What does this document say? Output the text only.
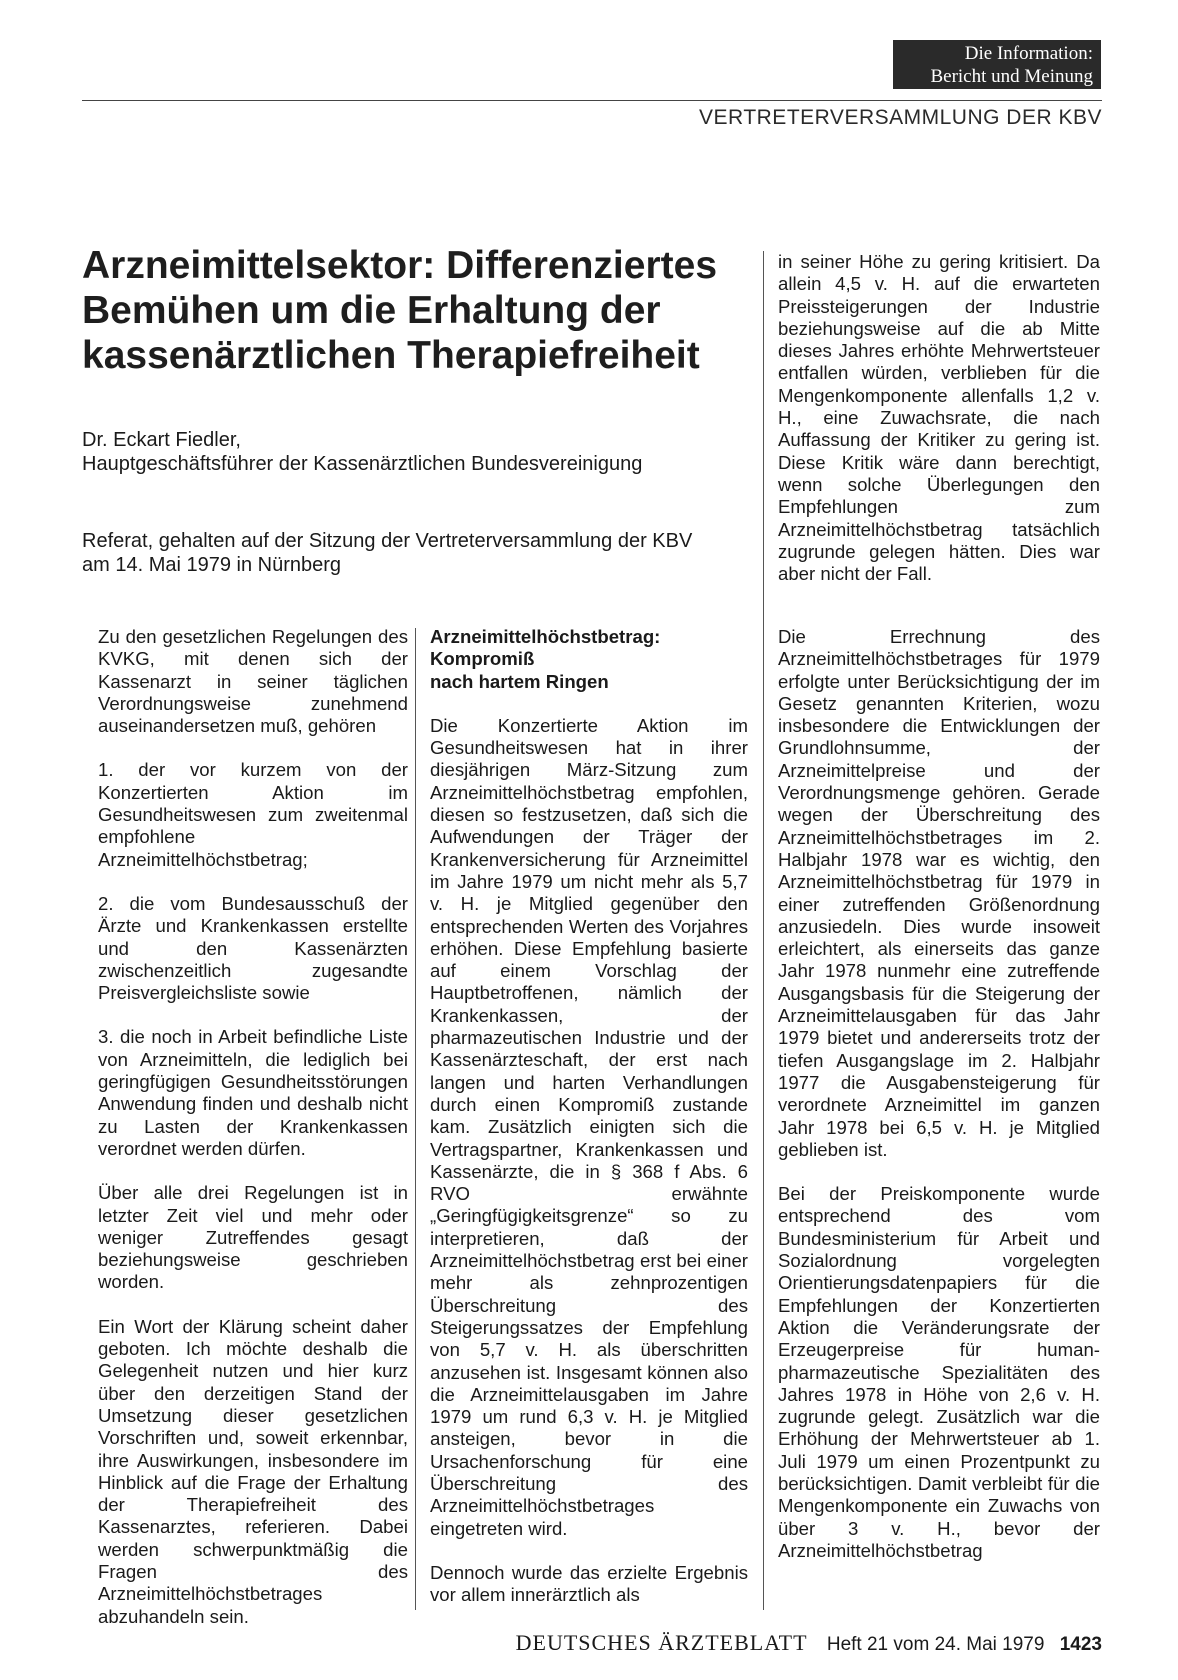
Die Information:
Bericht und Meinung
VERTRETERVERSAMMLUNG DER KBV
Arzneimittelsektor: Differenziertes Bemühen um die Erhaltung der kassenärztlichen Therapiefreiheit
Dr. Eckart Fiedler,
Hauptgeschäftsführer der Kassenärztlichen Bundesvereinigung
Referat, gehalten auf der Sitzung der Vertreterversammlung der KBV
am 14. Mai 1979 in Nürnberg

Zu den gesetzlichen Regelungen des KVKG, mit denen sich der Kassenarzt in seiner täglichen Verordnungsweise zunehmend auseinandersetzen muß, gehören

1. der vor kurzem von der Konzertierten Aktion im Gesundheitswesen zum zweitenmal empfohlene Arzneimittelhöchstbetrag;

2. die vom Bundesausschuß der Ärzte und Krankenkassen erstellte und den Kassenärzten zwischenzeitlich zugesandte Preisvergleichsliste sowie

3. die noch in Arbeit befindliche Liste von Arzneimitteln, die lediglich bei geringfügigen Gesundheitsstörungen Anwendung finden und deshalb nicht zu Lasten der Krankenkassen verordnet werden dürfen.

Über alle drei Regelungen ist in letzter Zeit viel und mehr oder weniger Zutreffendes gesagt beziehungsweise geschrieben worden.

Ein Wort der Klärung scheint daher geboten. Ich möchte deshalb die Gelegenheit nutzen und hier kurz über den derzeitigen Stand der Umsetzung dieser gesetzlichen Vorschriften und, soweit erkennbar, ihre Auswirkungen, insbesondere im Hinblick auf die Frage der Erhaltung der Therapiefreiheit des Kassenarztes, referieren. Dabei werden schwerpunktmäßig die Fragen des Arzneimittelhöchstbetrages abzuhandeln sein.

Arzneimittelhöchstbetrag:
Kompromiß
nach hartem Ringen

Die Konzertierte Aktion im Gesundheitswesen hat in ihrer diesjährigen März-Sitzung zum Arzneimittelhöchstbetrag empfohlen, diesen so festzusetzen, daß sich die Aufwendungen der Träger der Krankenversicherung für Arzneimittel im Jahre 1979 um nicht mehr als 5,7 v. H. je Mitglied gegenüber den entsprechenden Werten des Vorjahres erhöhen. Diese Empfehlung basierte auf einem Vorschlag der Hauptbetroffenen, nämlich der Krankenkassen, der pharmazeutischen Industrie und der Kassenärzteschaft, der erst nach langen und harten Verhandlungen durch einen Kompromiß zustande kam. Zusätzlich einigten sich die Vertragspartner, Krankenkassen und Kassenärzte, die in § 368 f Abs. 6 RVO erwähnte „Geringfügigkeitsgrenze“ so zu interpretieren, daß der Arzneimittelhöchstbetrag erst bei einer mehr als zehnprozentigen Überschreitung des Steigerungssatzes der Empfehlung von 5,7 v. H. als überschritten anzusehen ist. Insgesamt können also die Arzneimittelausgaben im Jahre 1979 um rund 6,3 v. H. je Mitglied ansteigen, bevor in die Ursachenforschung für eine Überschreitung des Arzneimittelhöchstbetrages eingetreten wird.

Dennoch wurde das erzielte Ergebnis vor allem innerärztlich als

in seiner Höhe zu gering kritisiert. Da allein 4,5 v. H. auf die erwarteten Preissteigerungen der Industrie beziehungsweise auf die ab Mitte dieses Jahres erhöhte Mehrwertsteuer entfallen würden, verblieben für die Mengenkomponente allenfalls 1,2 v. H., eine Zuwachsrate, die nach Auffassung der Kritiker zu gering ist. Diese Kritik wäre dann berechtigt, wenn solche Überlegungen den Empfehlungen zum Arzneimittelhöchstbetrag tatsächlich zugrunde gelegen hätten. Dies war aber nicht der Fall.

Die Errechnung des Arzneimittelhöchstbetrages für 1979 erfolgte unter Berücksichtigung der im Gesetz genannten Kriterien, wozu insbesondere die Entwicklungen der Grundlohnsumme, der Arzneimittelpreise und der Verordnungsmenge gehören. Gerade wegen der Überschreitung des Arzneimittelhöchstbetrages im 2. Halbjahr 1978 war es wichtig, den Arzneimittelhöchstbetrag für 1979 in einer zutreffenden Größenordnung anzusiedeln. Dies wurde insoweit erleichtert, als einerseits das ganze Jahr 1978 nunmehr eine zutreffende Ausgangsbasis für die Steigerung der Arzneimittelausgaben für das Jahr 1979 bietet und andererseits trotz der tiefen Ausgangslage im 2. Halbjahr 1977 die Ausgabensteigerung für verordnete Arzneimittel im ganzen Jahr 1978 bei 6,5 v. H. je Mitglied geblieben ist.

Bei der Preiskomponente wurde entsprechend des vom Bundesministerium für Arbeit und Sozialordnung vorgelegten Orientierungsdatenpapiers für die Empfehlungen der Konzertierten Aktion die Veränderungsrate der Erzeugerpreise für human-pharmazeutische Spezialitäten des Jahres 1978 in Höhe von 2,6 v. H. zugrunde gelegt. Zusätzlich war die Erhöhung der Mehrwertsteuer ab 1. Juli 1979 um einen Prozentpunkt zu berücksichtigen. Damit verbleibt für die Mengenkomponente ein Zuwachs von über 3 v. H., bevor der Arzneimittelhöchstbetrag

DEUTSCHES ÄRZTEBLATT Heft 21 vom 24. Mai 1979 1423
